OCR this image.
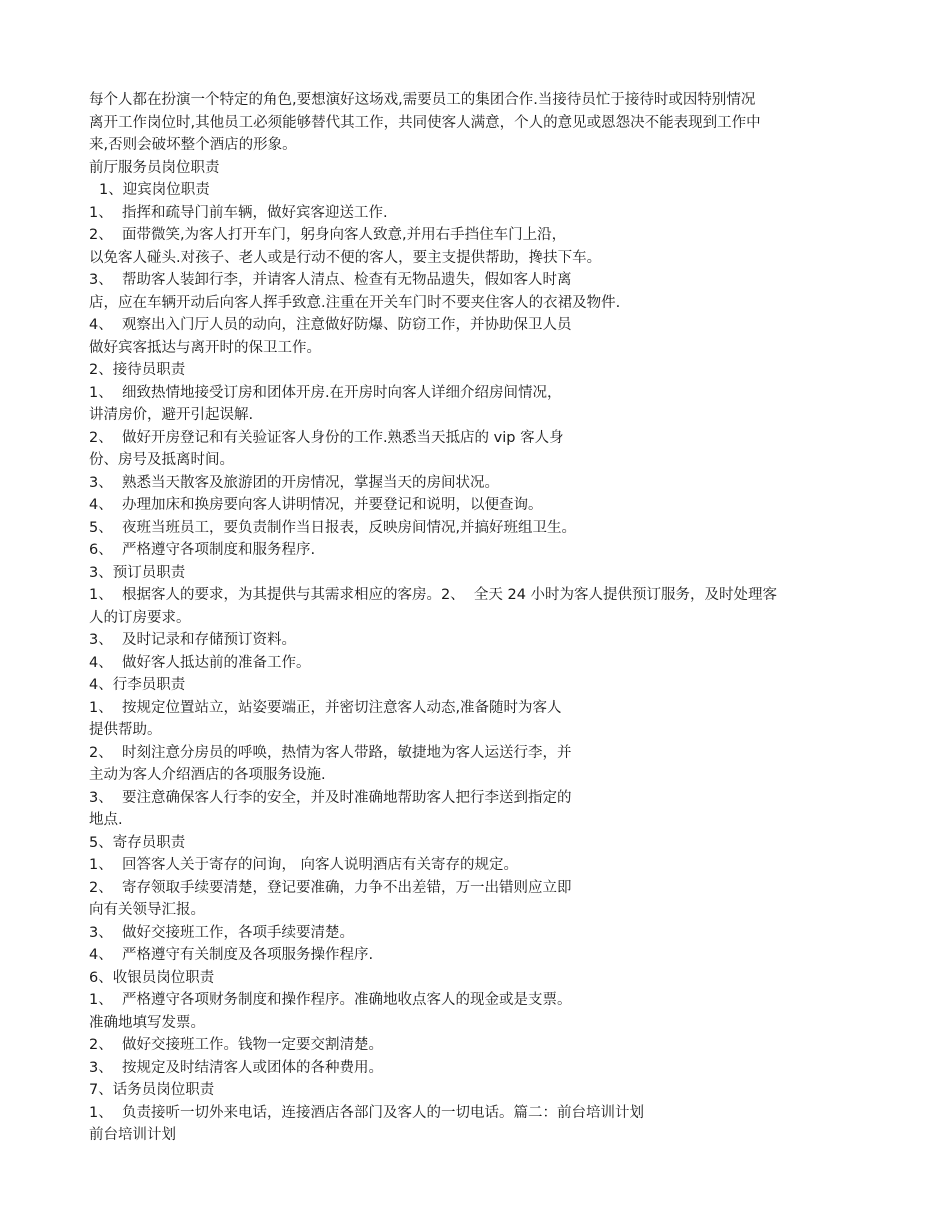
每个人都在扮演一个特定的角色,要想演好这场戏,需要员工的集团合作.当接待员忙于接待时或因特别情况
离开工作岗位时,其他员工必须能够替代其工作，共同使客人满意，个人的意见或恩怨决不能表现到工作中
来,否则会破坏整个酒店的形象。
前厅服务员岗位职责
1、迎宾岗位职责
1、  指挥和疏导门前车辆，做好宾客迎送工作.
2、  面带微笑,为客人打开车门，躬身向客人致意,并用右手挡住车门上沿，
以免客人碰头.对孩子、老人或是行动不便的客人，要主支提供帮助，搀扶下车。
3、  帮助客人装卸行李，并请客人清点、检查有无物品遗失，假如客人时离
店，应在车辆开动后向客人挥手致意.注重在开关车门时不要夹住客人的衣裙及物件.
4、  观察出入门厅人员的动向，注意做好防爆、防窃工作，并协助保卫人员
做好宾客抵达与离开时的保卫工作。
2、接待员职责
1、  细致热情地接受订房和团体开房.在开房时向客人详细介绍房间情况，
讲清房价，避开引起误解.
2、  做好开房登记和有关验证客人身份的工作.熟悉当天抵店的 vip 客人身
份、房号及抵离时间。
3、  熟悉当天散客及旅游团的开房情况，掌握当天的房间状况。
4、  办理加床和换房要向客人讲明情况，并要登记和说明，以便查询。
5、  夜班当班员工，要负责制作当日报表，反映房间情况,并搞好班组卫生。
6、  严格遵守各项制度和服务程序.
3、预订员职责
1、  根据客人的要求，为其提供与其需求相应的客房。2、  全天 24 小时为客人提供预订服务，及时处理客
人的订房要求。
3、  及时记录和存储预订资料。
4、  做好客人抵达前的准备工作。
4、行李员职责
1、  按规定位置站立，站姿要端正，并密切注意客人动态,准备随时为客人
提供帮助。
2、  时刻注意分房员的呼唤，热情为客人带路，敏捷地为客人运送行李，并
主动为客人介绍酒店的各项服务设施.
3、  要注意确保客人行李的安全，并及时准确地帮助客人把行李送到指定的
地点.
5、寄存员职责
1、  回答客人关于寄存的问询， 向客人说明酒店有关寄存的规定。
2、  寄存领取手续要清楚，登记要准确，力争不出差错，万一出错则应立即
向有关领导汇报。
3、  做好交接班工作，各项手续要清楚。
4、  严格遵守有关制度及各项服务操作程序.
6、收银员岗位职责
1、  严格遵守各项财务制度和操作程序。准确地收点客人的现金或是支票。
准确地填写发票。
2、  做好交接班工作。钱物一定要交割清楚。
3、  按规定及时结清客人或团体的各种费用。
7、话务员岗位职责
1、  负责接听一切外来电话，连接酒店各部门及客人的一切电话。篇二：前台培训计划
前台培训计划
